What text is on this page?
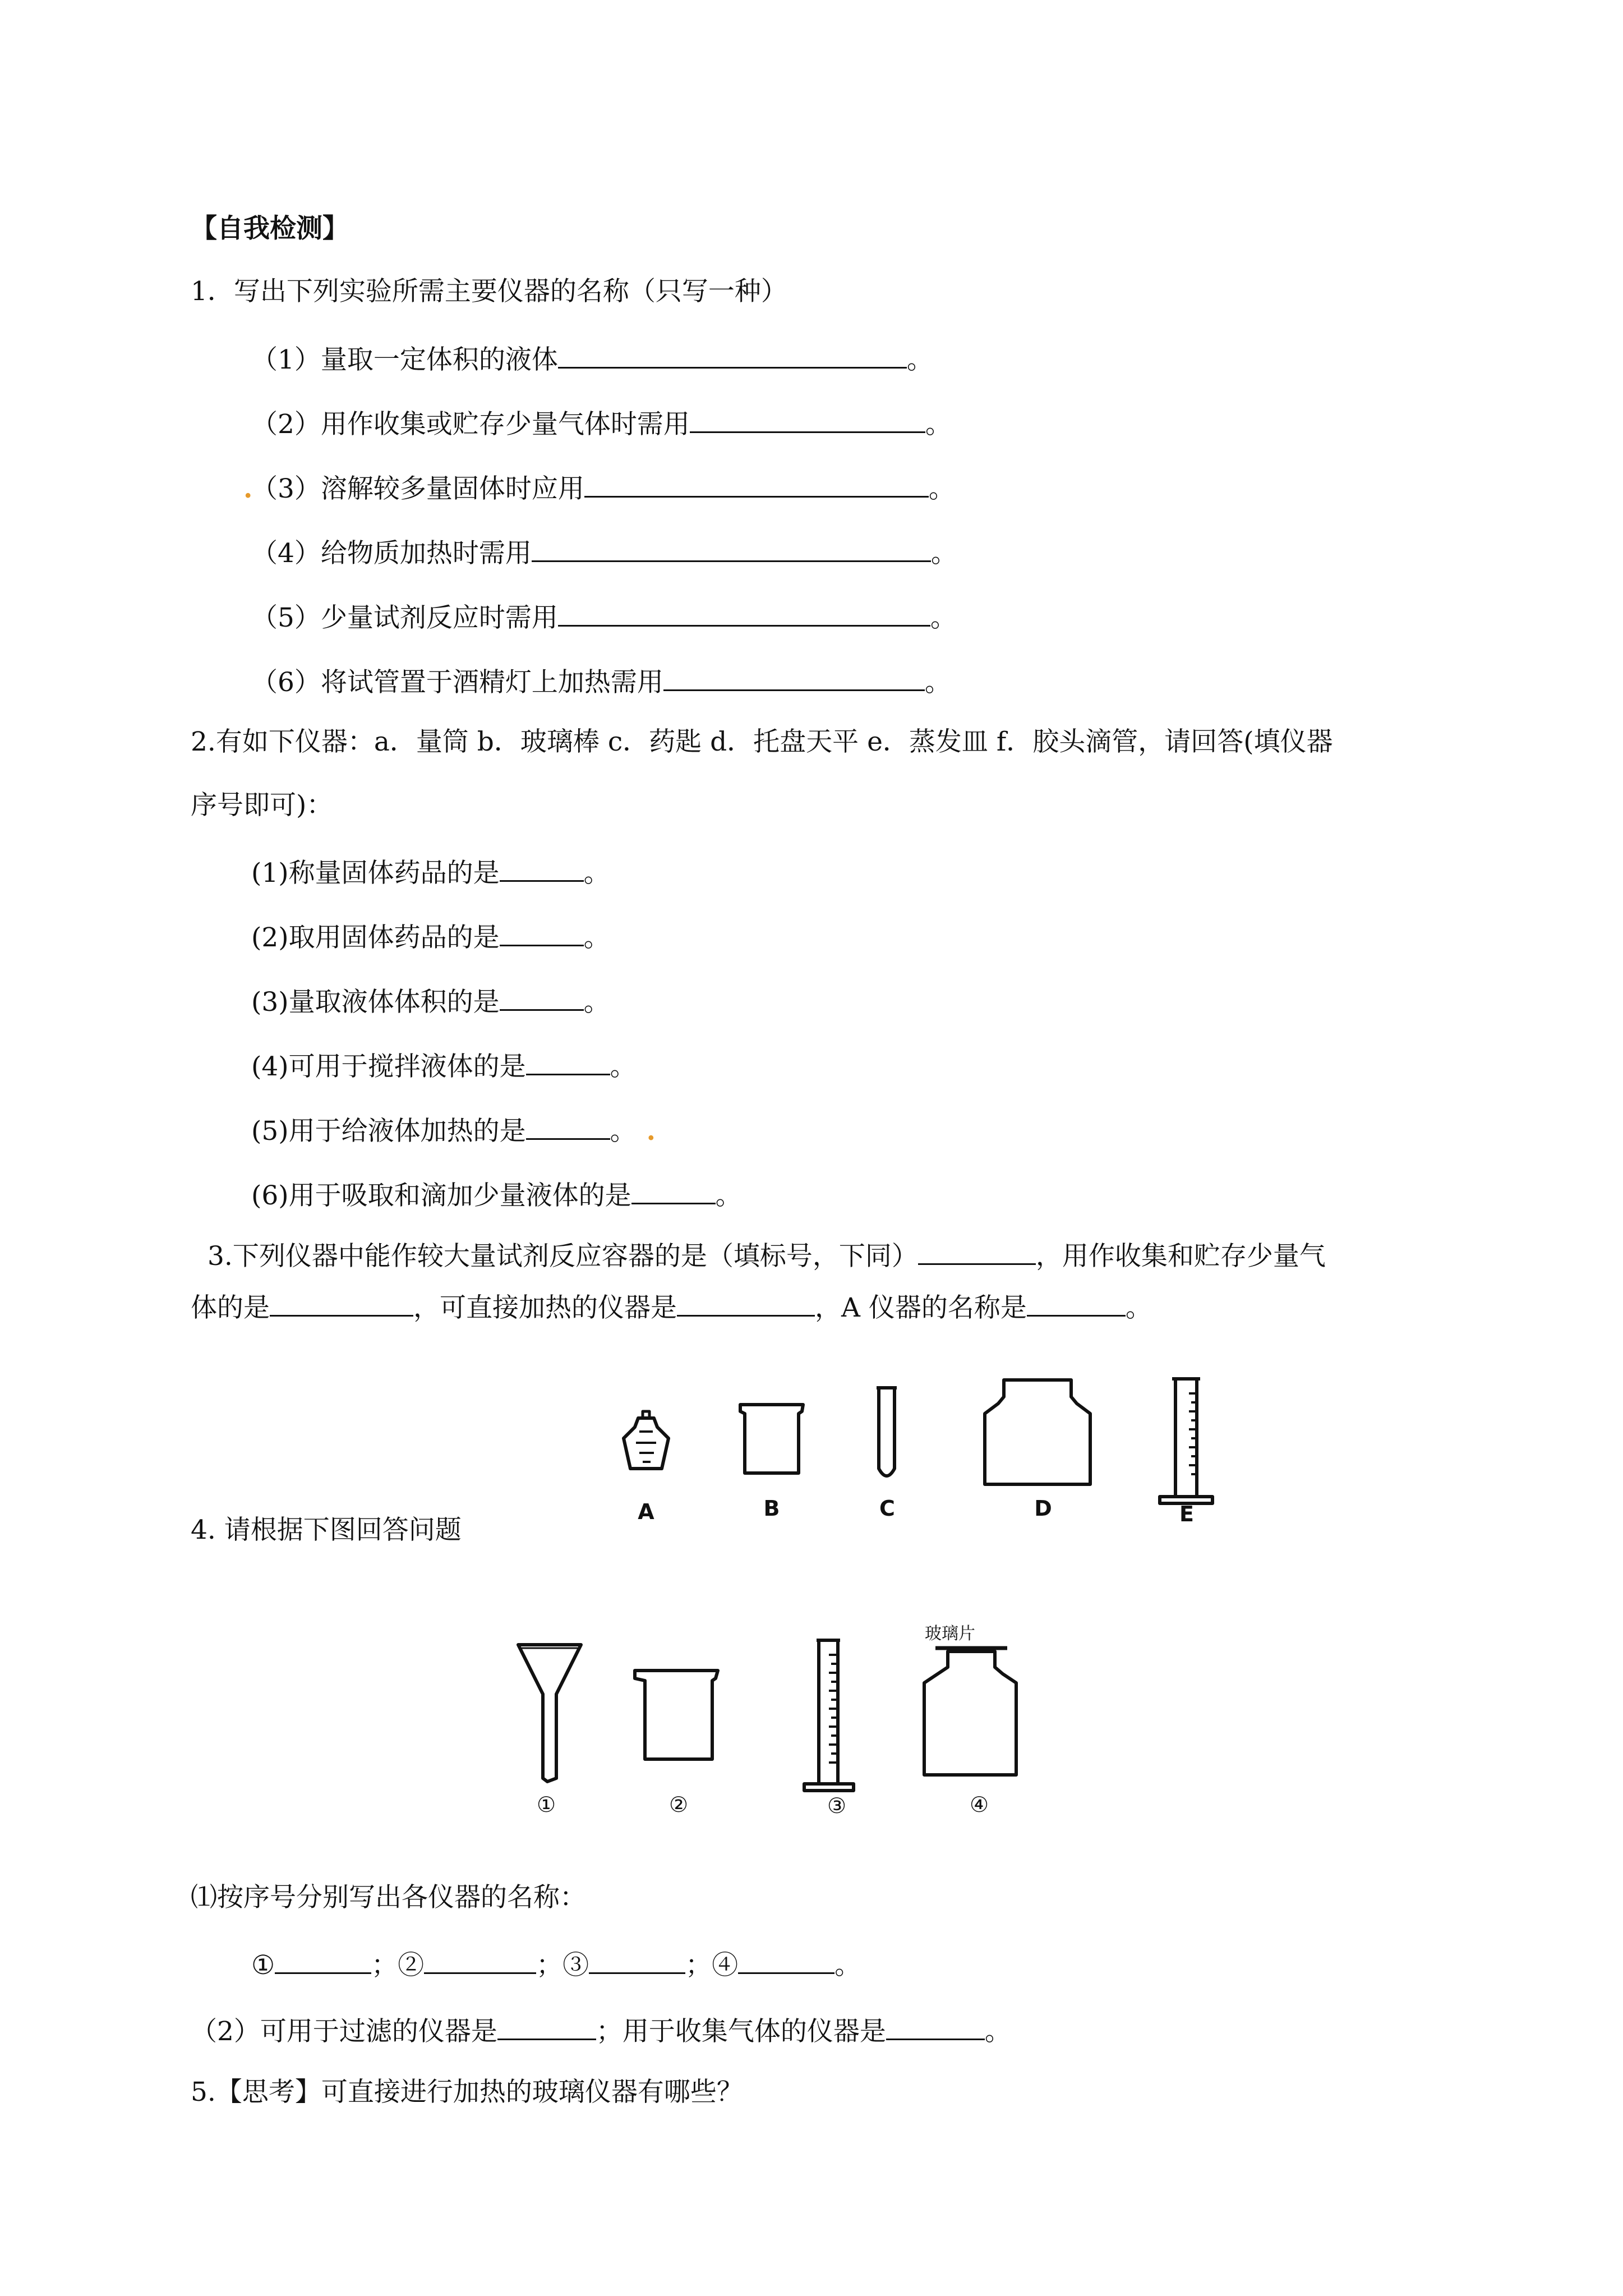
【自我检测】
1．写出下列实验所需主要仪器的名称（只写一种）
（1）量取一定体积的液体	。
（2）用作收集或贮存少量气体时需用	。
.
（3）溶解较多量固体时应用	。
（4）给物质加热时需用	。
（5）少量试剂反应时需用	。
（6）将试管置于酒精灯上加热需用	。
2.有如下仪器：a．量筒 b．玻璃棒 c．药匙 d．托盘天平 e．蒸发皿 f．胶头滴管，请回答(填仪器
序号即可)：
(1)称量固体药品的是	。
(2)取用固体药品的是	。
(3)量取液体体积的是	。
(4)可用于搅拌液体的是	。
(5)用于给液体加热的是	。 .
(6)用于吸取和滴加少量液体的是	。
3.下列仪器中能作较大量试剂反应容器的是（填标号，下同）	，用作收集和贮存少量气
体的是	，可直接加热的仪器是	，A 仪器的名称是	。
A	B	C	D	E
4. 请根据下图回答问题
玻璃片
①	②	③	④
⑴按序号分别写出各仪器的名称：
①	；②	；③	；④	。
（2）可用于过滤的仪器是	；用于收集气体的仪器是	。
5.【思考】可直接进行加热的玻璃仪器有哪些？
